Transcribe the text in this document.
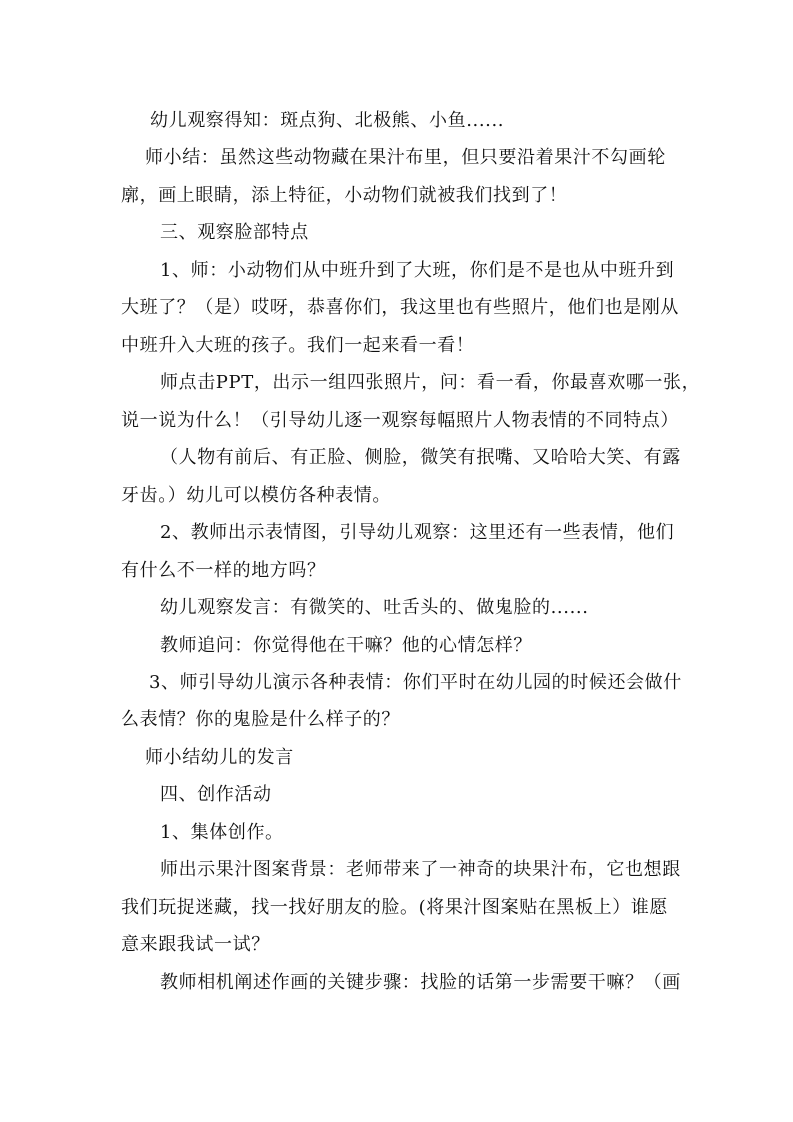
幼儿观察得知：斑点狗、北极熊、小鱼......
师小结：虽然这些动物藏在果汁布里，但只要沿着果汁不勾画轮
廓，画上眼睛，添上特征，小动物们就被我们找到了！
三、观察脸部特点
1、师：小动物们从中班升到了大班，你们是不是也从中班升到
大班了？（是）哎呀，恭喜你们，我这里也有些照片，他们也是刚从
中班升入大班的孩子。我们一起来看一看！
师点击PPT，出示一组四张照片，问：看一看，你最喜欢哪一张，
说一说为什么！（引导幼儿逐一观察每幅照片人物表情的不同特点）
（人物有前后、有正脸、侧脸，微笑有抿嘴、又哈哈大笑、有露
牙齿。）幼儿可以模仿各种表情。
2、教师出示表情图，引导幼儿观察：这里还有一些表情，他们
有什么不一样的地方吗？
幼儿观察发言：有微笑的、吐舌头的、做鬼脸的......
教师追问：你觉得他在干嘛？他的心情怎样？
3、师引导幼儿演示各种表情：你们平时在幼儿园的时候还会做什
么表情？你的鬼脸是什么样子的？
师小结幼儿的发言
四、创作活动
1、集体创作。
师出示果汁图案背景：老师带来了一神奇的块果汁布，它也想跟
我们玩捉迷藏，找一找好朋友的脸。(将果汁图案贴在黑板上）谁愿
意来跟我试一试？
教师相机阐述作画的关键步骤：找脸的话第一步需要干嘛？（画
